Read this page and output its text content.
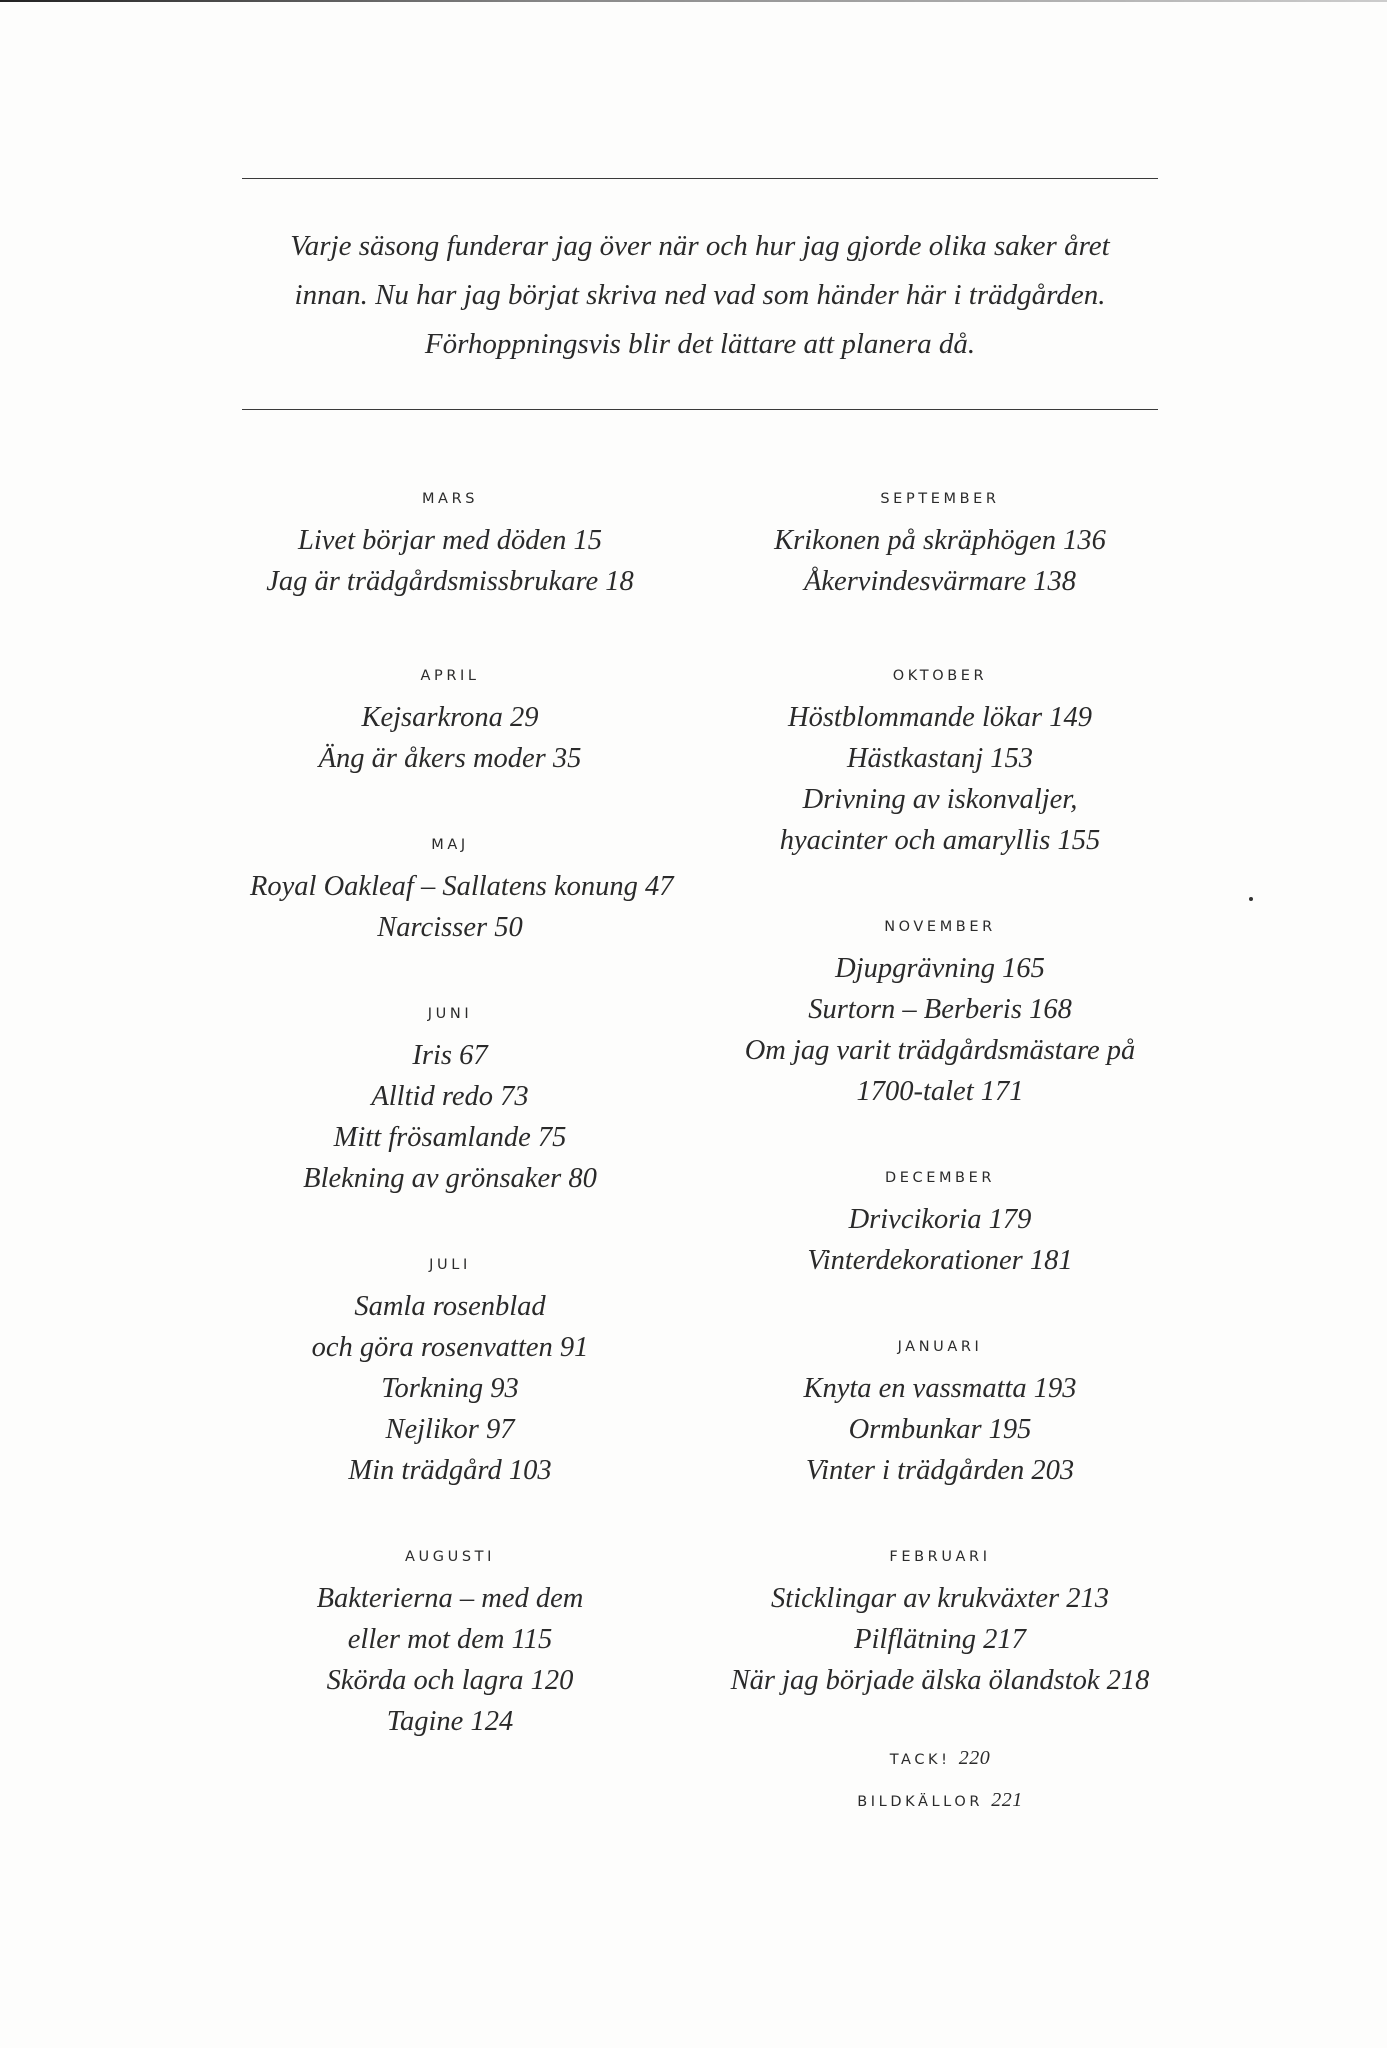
Varje säsong funderar jag över när och hur jag gjorde olika saker året
innan. Nu har jag börjat skriva ned vad som händer här i trädgården.
Förhoppningsvis blir det lättare att planera då.
MARS
Livet börjar med döden 15
Jag är trädgårdsmissbrukare 18
APRIL
Kejsarkrona 29
Äng är åkers moder 35
MAJ
Royal Oakleaf – Sallatens konung 47
Narcisser 50
JUNI
Iris 67
Alltid redo 73
Mitt frösamlande 75
Blekning av grönsaker 80
JULI
Samla rosenblad
och göra rosenvatten 91
Torkning 93
Nejlikor 97
Min trädgård 103
AUGUSTI
Bakterierna – med dem
eller mot dem 115
Skörda och lagra 120
Tagine 124
SEPTEMBER
Krikonen på skräphögen 136
Åkervindesvärmare 138
OKTOBER
Höstblommande lökar 149
Hästkastanj 153
Drivning av iskonvaljer,
hyacinter och amaryllis 155
NOVEMBER
Djupgrävning 165
Surtorn – Berberis 168
Om jag varit trädgårdsmästare på
1700-talet 171
DECEMBER
Drivcikoria 179
Vinterdekorationer 181
JANUARI
Knyta en vassmatta 193
Ormbunkar 195
Vinter i trädgården 203
FEBRUARI
Sticklingar av krukväxter 213
Pilflätning 217
När jag började älska ölandstok 218
TACK! 220
BILDKÄLLOR 221
